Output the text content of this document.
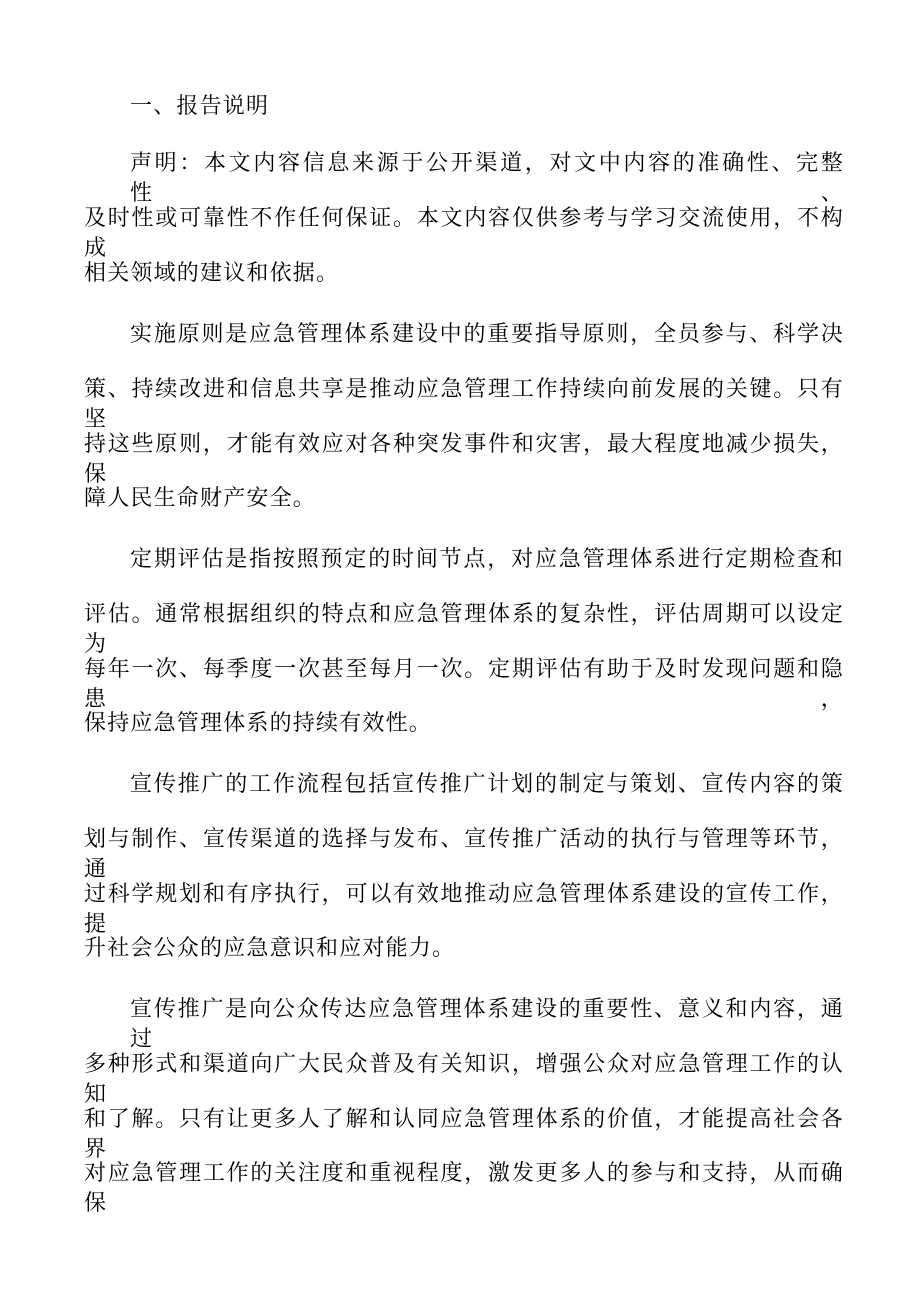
一、报告说明
声明：本文内容信息来源于公开渠道，对文中内容的准确性、完整性、
及时性或可靠性不作任何保证。本文内容仅供参考与学习交流使用，不构成
相关领域的建议和依据。
实施原则是应急管理体系建设中的重要指导原则，全员参与、科学决
策、持续改进和信息共享是推动应急管理工作持续向前发展的关键。只有坚
持这些原则，才能有效应对各种突发事件和灾害，最大程度地减少损失，保
障人民生命财产安全。
定期评估是指按照预定的时间节点，对应急管理体系进行定期检查和
评估。通常根据组织的特点和应急管理体系的复杂性，评估周期可以设定为
每年一次、每季度一次甚至每月一次。定期评估有助于及时发现问题和隐患，
保持应急管理体系的持续有效性。
宣传推广的工作流程包括宣传推广计划的制定与策划、宣传内容的策
划与制作、宣传渠道的选择与发布、宣传推广活动的执行与管理等环节，通
过科学规划和有序执行，可以有效地推动应急管理体系建设的宣传工作，提
升社会公众的应急意识和应对能力。
宣传推广是向公众传达应急管理体系建设的重要性、意义和内容，通过
多种形式和渠道向广大民众普及有关知识，增强公众对应急管理工作的认知
和了解。只有让更多人了解和认同应急管理体系的价值，才能提高社会各界
对应急管理工作的关注度和重视程度，激发更多人的参与和支持，从而确保
